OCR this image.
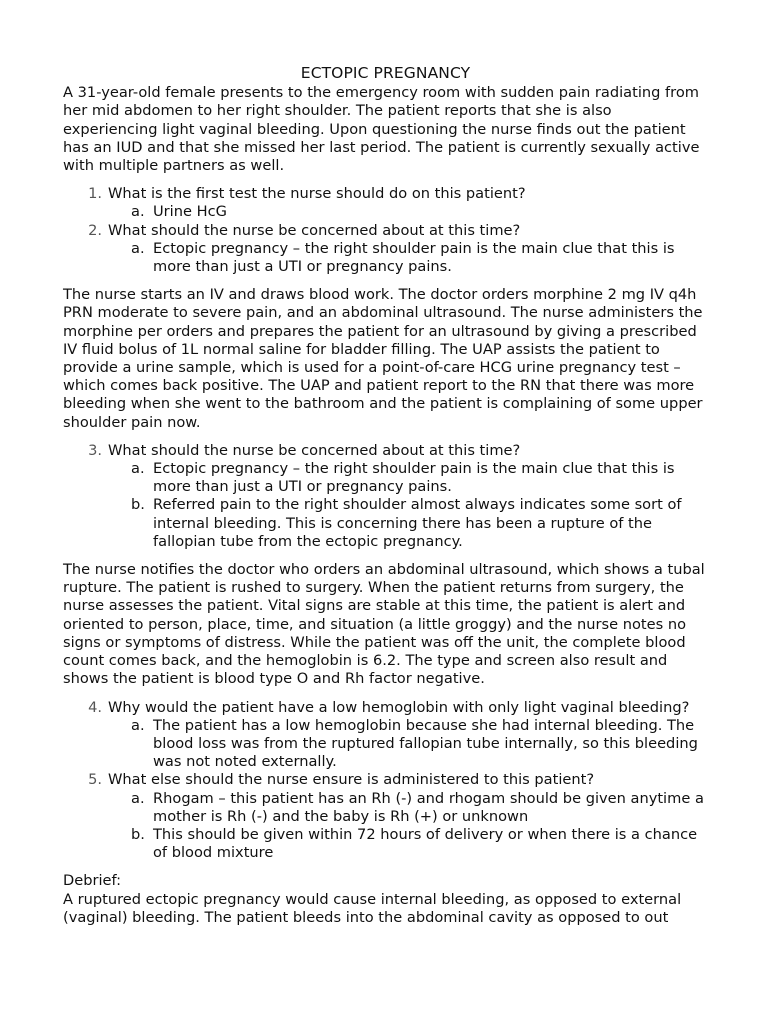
ECTOPIC PREGNANCY

A 31-year-old female presents to the emergency room with sudden pain radiating from her mid abdomen to her right shoulder. The patient reports that she is also experiencing light vaginal bleeding. Upon questioning the nurse finds out the patient has an IUD and that she missed her last period. The patient is currently sexually active with multiple partners as well.

1. What is the first test the nurse should do on this patient?
a. Urine HcG
2. What should the nurse be concerned about at this time?
a. Ectopic pregnancy – the right shoulder pain is the main clue that this is more than just a UTI or pregnancy pains.

The nurse starts an IV and draws blood work. The doctor orders morphine 2 mg IV q4h PRN moderate to severe pain, and an abdominal ultrasound. The nurse administers the morphine per orders and prepares the patient for an ultrasound by giving a prescribed IV fluid bolus of 1L normal saline for bladder filling. The UAP assists the patient to provide a urine sample, which is used for a point-of-care HCG urine pregnancy test – which comes back positive. The UAP and patient report to the RN that there was more bleeding when she went to the bathroom and the patient is complaining of some upper shoulder pain now.

3. What should the nurse be concerned about at this time?
a. Ectopic pregnancy – the right shoulder pain is the main clue that this is more than just a UTI or pregnancy pains.
b. Referred pain to the right shoulder almost always indicates some sort of internal bleeding. This is concerning there has been a rupture of the fallopian tube from the ectopic pregnancy.

The nurse notifies the doctor who orders an abdominal ultrasound, which shows a tubal rupture. The patient is rushed to surgery. When the patient returns from surgery, the nurse assesses the patient. Vital signs are stable at this time, the patient is alert and oriented to person, place, time, and situation (a little groggy) and the nurse notes no signs or symptoms of distress. While the patient was off the unit, the complete blood count comes back, and the hemoglobin is 6.2. The type and screen also result and shows the patient is blood type O and Rh factor negative.

4. Why would the patient have a low hemoglobin with only light vaginal bleeding?
a. The patient has a low hemoglobin because she had internal bleeding. The blood loss was from the ruptured fallopian tube internally, so this bleeding was not noted externally.
5. What else should the nurse ensure is administered to this patient?
a. Rhogam – this patient has an Rh (-) and rhogam should be given anytime a mother is Rh (-) and the baby is Rh (+) or unknown
b. This should be given within 72 hours of delivery or when there is a chance of blood mixture

Debrief:

A ruptured ectopic pregnancy would cause internal bleeding, as opposed to external (vaginal) bleeding. The patient bleeds into the abdominal cavity as opposed to out
